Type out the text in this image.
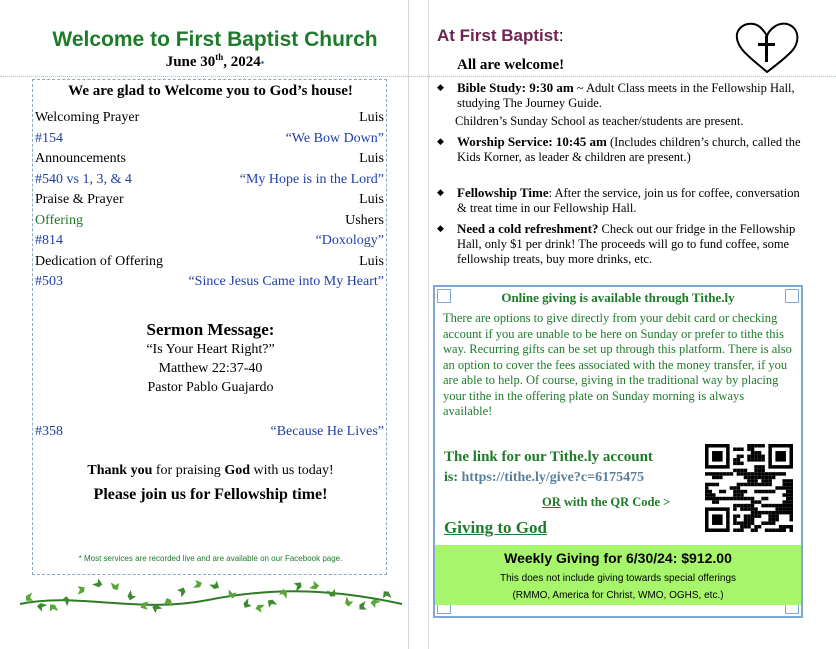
Welcome to First Baptist Church
June 30th, 2024•
We are glad to Welcome you to God’s house!
Welcoming Prayer	Luis
#154	“We Bow Down”
Announcements	Luis
#540 vs 1, 3, & 4	“My Hope is in the Lord”
Praise & Prayer	Luis
Offering	Ushers
#814	“Doxology”
Dedication of Offering	Luis
#503	“Since Jesus Came into My Heart”
Sermon Message:
“Is Your Heart Right?”
Matthew 22:37-40
Pastor Pablo Guajardo
#358	“Because He Lives”
Thank you for praising God with us today!
Please join us for Fellowship time!
* Most services are recorded live and are available on our Facebook page.
At First Baptist:
All are welcome!
◆ Bible Study: 9:30 am ~ Adult Class meets in the Fellowship Hall, studying The Journey Guide.
Children’s Sunday School as teacher/students are present.
◆ Worship Service: 10:45 am (Includes children’s church, called the Kids Korner, as leader & children are present.)
◆ Fellowship Time: After the service, join us for coffee, conversation & treat time in our Fellowship Hall.
◆ Need a cold refreshment? Check out our fridge in the Fellowship Hall, only $1 per drink! The proceeds will go to fund coffee, some fellowship treats, buy more drinks, etc.
Online giving is available through Tithe.ly
There are options to give directly from your debit card or checking account if you are unable to be here on Sunday or prefer to tithe this way. Recurring gifts can be set up through this platform. There is also an option to cover the fees associated with the money transfer, if you are able to help. Of course, giving in the traditional way by placing your tithe in the offering plate on Sunday morning is always available!
The link for our Tithe.ly account
is: https://tithe.ly/give?c=6175475
OR with the QR Code >
Giving to God
Weekly Giving for 6/30/24: $912.00
This does not include giving towards special offerings
(RMMO, America for Christ, WMO, OGHS, etc.)
